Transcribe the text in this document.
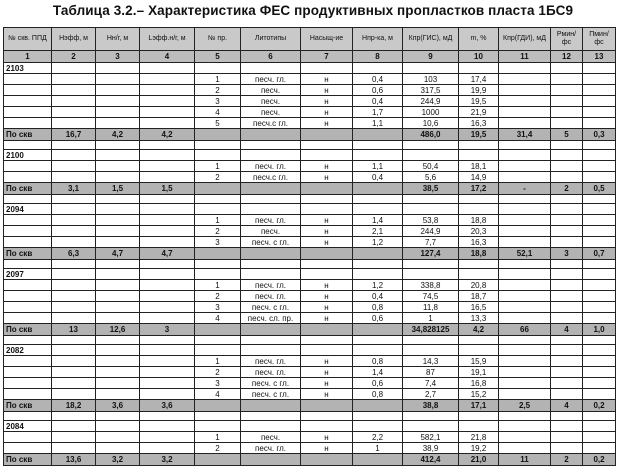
Таблица 3.2.– Характеристика ФЕС продуктивных пропластков пласта 1БС9
№ скв. ППД	Нэфф, м	Нн/г, м	Lэфф.н/г, м	№ пр.	Литотипы	Насыщ-ие	Нпр-ка, м	Кпр(ГИС), мД	m, %	Кпр(ГДИ), мД	Рмин/фс	Пмин/фс
1	2	3	4	5	6	7	8	9	10	11	12	13
2103												
				1	песч. гл.	н	0,4	103	17,4			
				2	песч.	н	0,6	317,5	19,9			
				3	песч.	н	0,4	244,9	19,5			
				4	песч.	н	1,7	1000	21,9			
				5	песч.с гл.	н	1,1	10,6	16,3			
По скв	16,7	4,2	4,2					486,0	19,5	31,4	5	0,3

2100												
				1	песч. гл.	н	1,1	50,4	18,1			
				2	песч.с гл.	н	0,4	5,6	14,9			
По скв	3,1	1,5	1,5					38,5	17,2	-	2	0,5

2094												
				1	песч. гл.	н	1,4	53,8	18,8			
				2	песч.	н	2,1	244,9	20,3			
				3	песч. с гл.	н	1,2	7,7	16,3			
По скв	6,3	4,7	4,7					127,4	18,8	52,1	3	0,7

2097												
				1	песч. гл.	н	1,2	338,8	20,8			
				2	песч. гл.	н	0,4	74,5	18,7			
				3	песч. с гл.	н	0,8	11,8	16,5			
				4	песч. сл. пр.	н	0,6	1	13,3			
По скв	13	12,6	3					34,828125	4,2	66	4	1,0

2082												
				1	песч. гл.	н	0,8	14,3	15,9			
				2	песч. гл.	н	1,4	87	19,1			
				3	песч. с гл.	н	0,6	7,4	16,8			
				4	песч. с гл.	н	0,8	2,7	15,2			
По скв	18,2	3,6	3,6					38,8	17,1	2,5	4	0,2

2084												
				1	песч.	н	2,2	582,1	21,8			
				2	песч. гл.	н	1	38,9	19,2			
По скв	13,6	3,2	3,2					412,4	21,0	11	2	0,2
